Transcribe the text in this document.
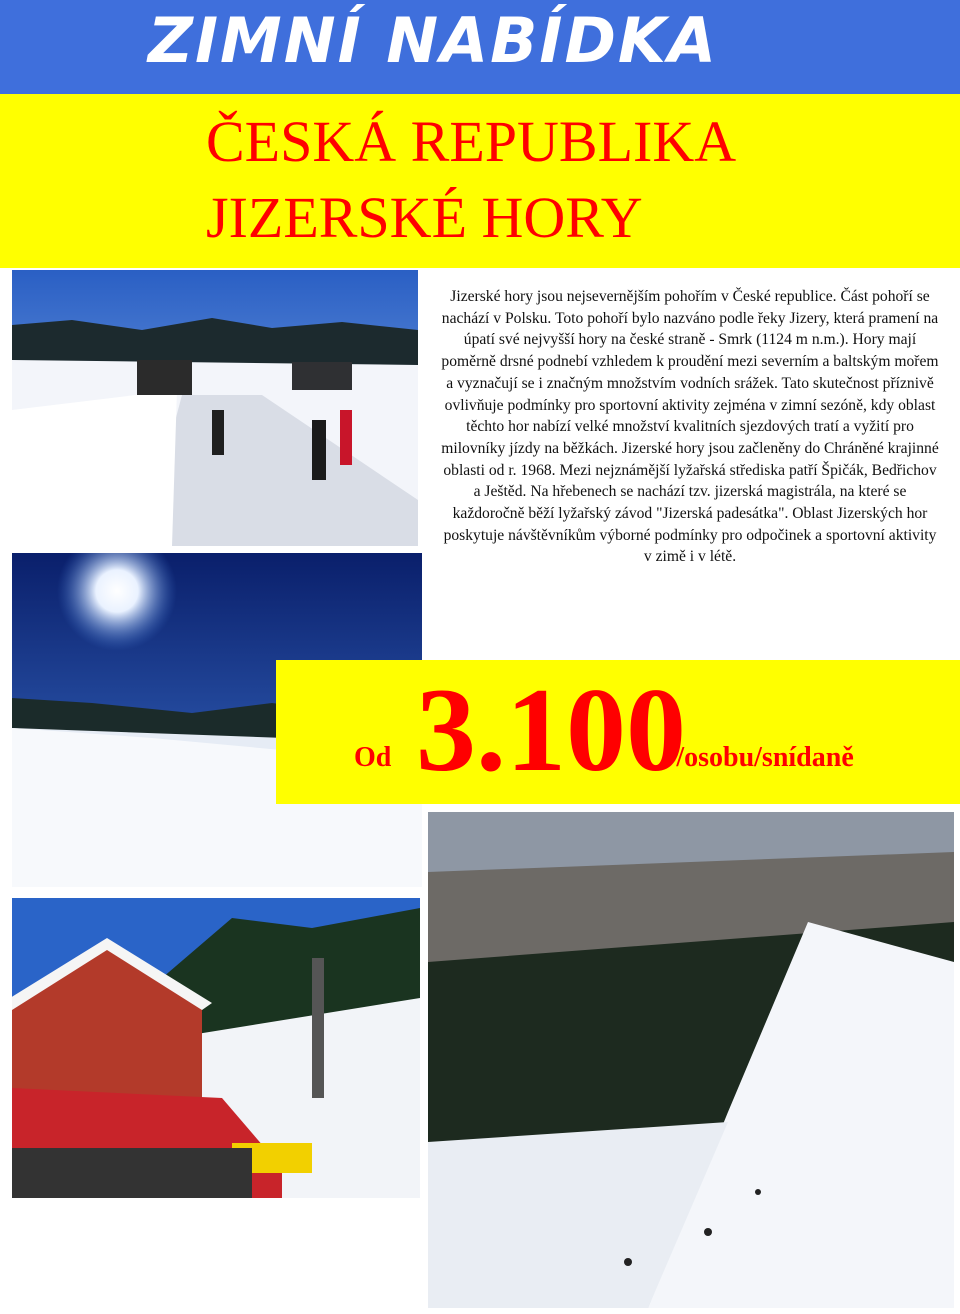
ZIMNÍ NABÍDKA
ČESKÁ REPUBLIKA
JIZERSKÉ HORY

Jizerské hory jsou nejsevernějším pohořím v České republice. Část pohoří se nachází v Polsku. Toto pohoří bylo nazváno podle řeky Jizery, která pramení na úpatí své nejvyšší hory na české straně - Smrk (1124 m n.m.). Hory mají poměrně drsné podnebí vzhledem k proudění mezi severním a baltským mořem a vyznačují se i značným množstvím vodních srážek. Tato skutečnost příznivě ovlivňuje podmínky pro sportovní aktivity zejména v zimní sezóně, kdy oblast těchto hor nabízí velké množství kvalitních sjezdových tratí a vyžití pro milovníky jízdy na běžkách. Jizerské hory jsou začleněny do Chráněné krajinné oblasti od r. 1968. Mezi nejznámější lyžařská střediska patří Špičák, Bedřichov a Ještěd. Na hřebenech se nachází tzv. jizerská magistrála, na které se každoročně běží lyžařský závod "Jizerská padesátka". Oblast Jizerských hor poskytuje návštěvníkům výborné podmínky pro odpočinek a sportovní aktivity v zimě i v létě.

Od 3.100
,-/osobu/snídaně
